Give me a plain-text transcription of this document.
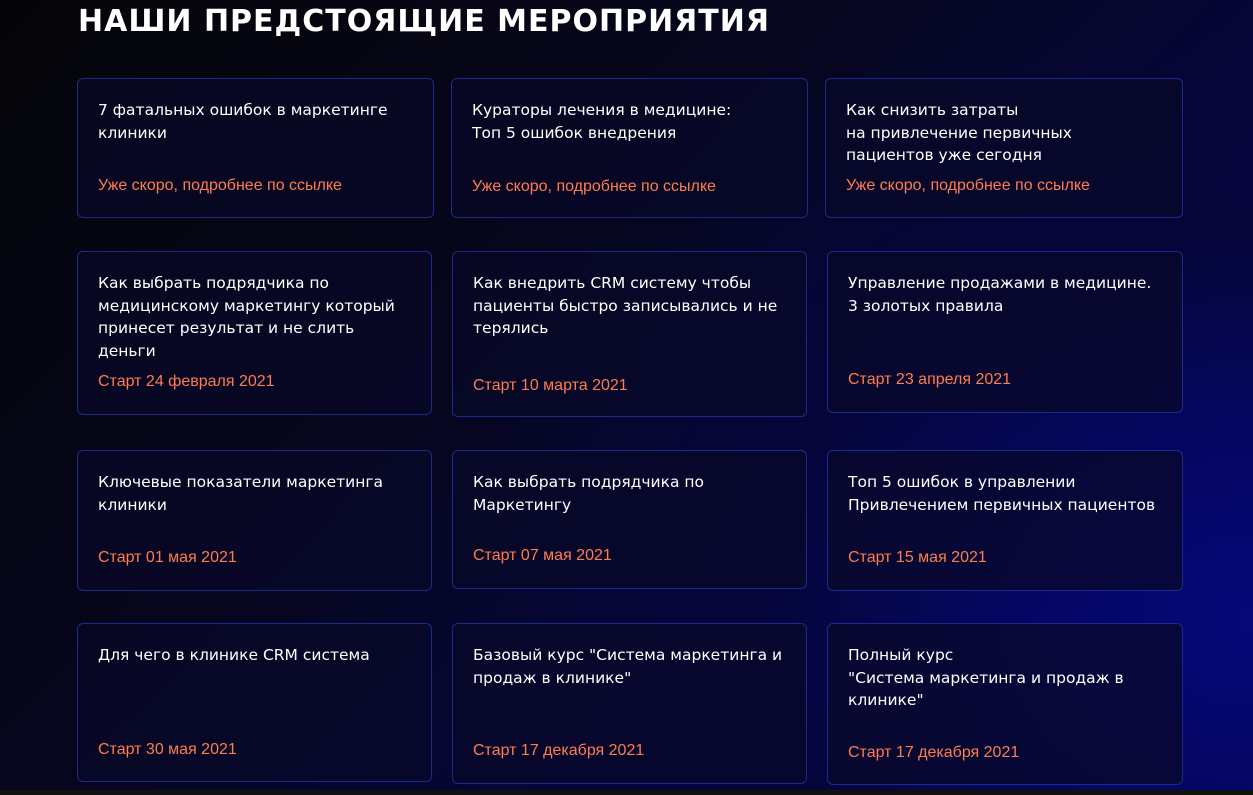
НАШИ ПРЕДСТОЯЩИЕ МЕРОПРИЯТИЯ

7 фатальных ошибок в маркетинге клиники

Уже скоро, подробнее по ссылке

Кураторы лечения в медицине:
Топ 5 ошибок внедрения

Уже скоро, подробнее по ссылке

Как снизить затраты
на привлечение первичных пациентов уже сегодня

Уже скоро, подробнее по ссылке

Как выбрать подрядчика по медицинскому маркетингу который принесет результат и не слить деньги

Старт 24 февраля 2021

Как внедрить CRM систему чтобы пациенты быстро записывались и не терялись

Старт 10 марта 2021

Управление продажами в медицине.
3 золотых правила

Старт 23 апреля 2021

Ключевые показатели маркетинга клиники

Старт 01 мая 2021

Как выбрать подрядчика по Маркетингу

Старт 07 мая 2021

Топ 5 ошибок в управлении Привлечением первичных пациентов

Старт 15 мая 2021

Для чего в клинике CRM система

Старт 30 мая 2021

Базовый курс "Система маркетинга и продаж в клинике"

Старт 17 декабря 2021

Полный курс
"Система маркетинга и продаж в клинике"

Старт 17 декабря 2021
